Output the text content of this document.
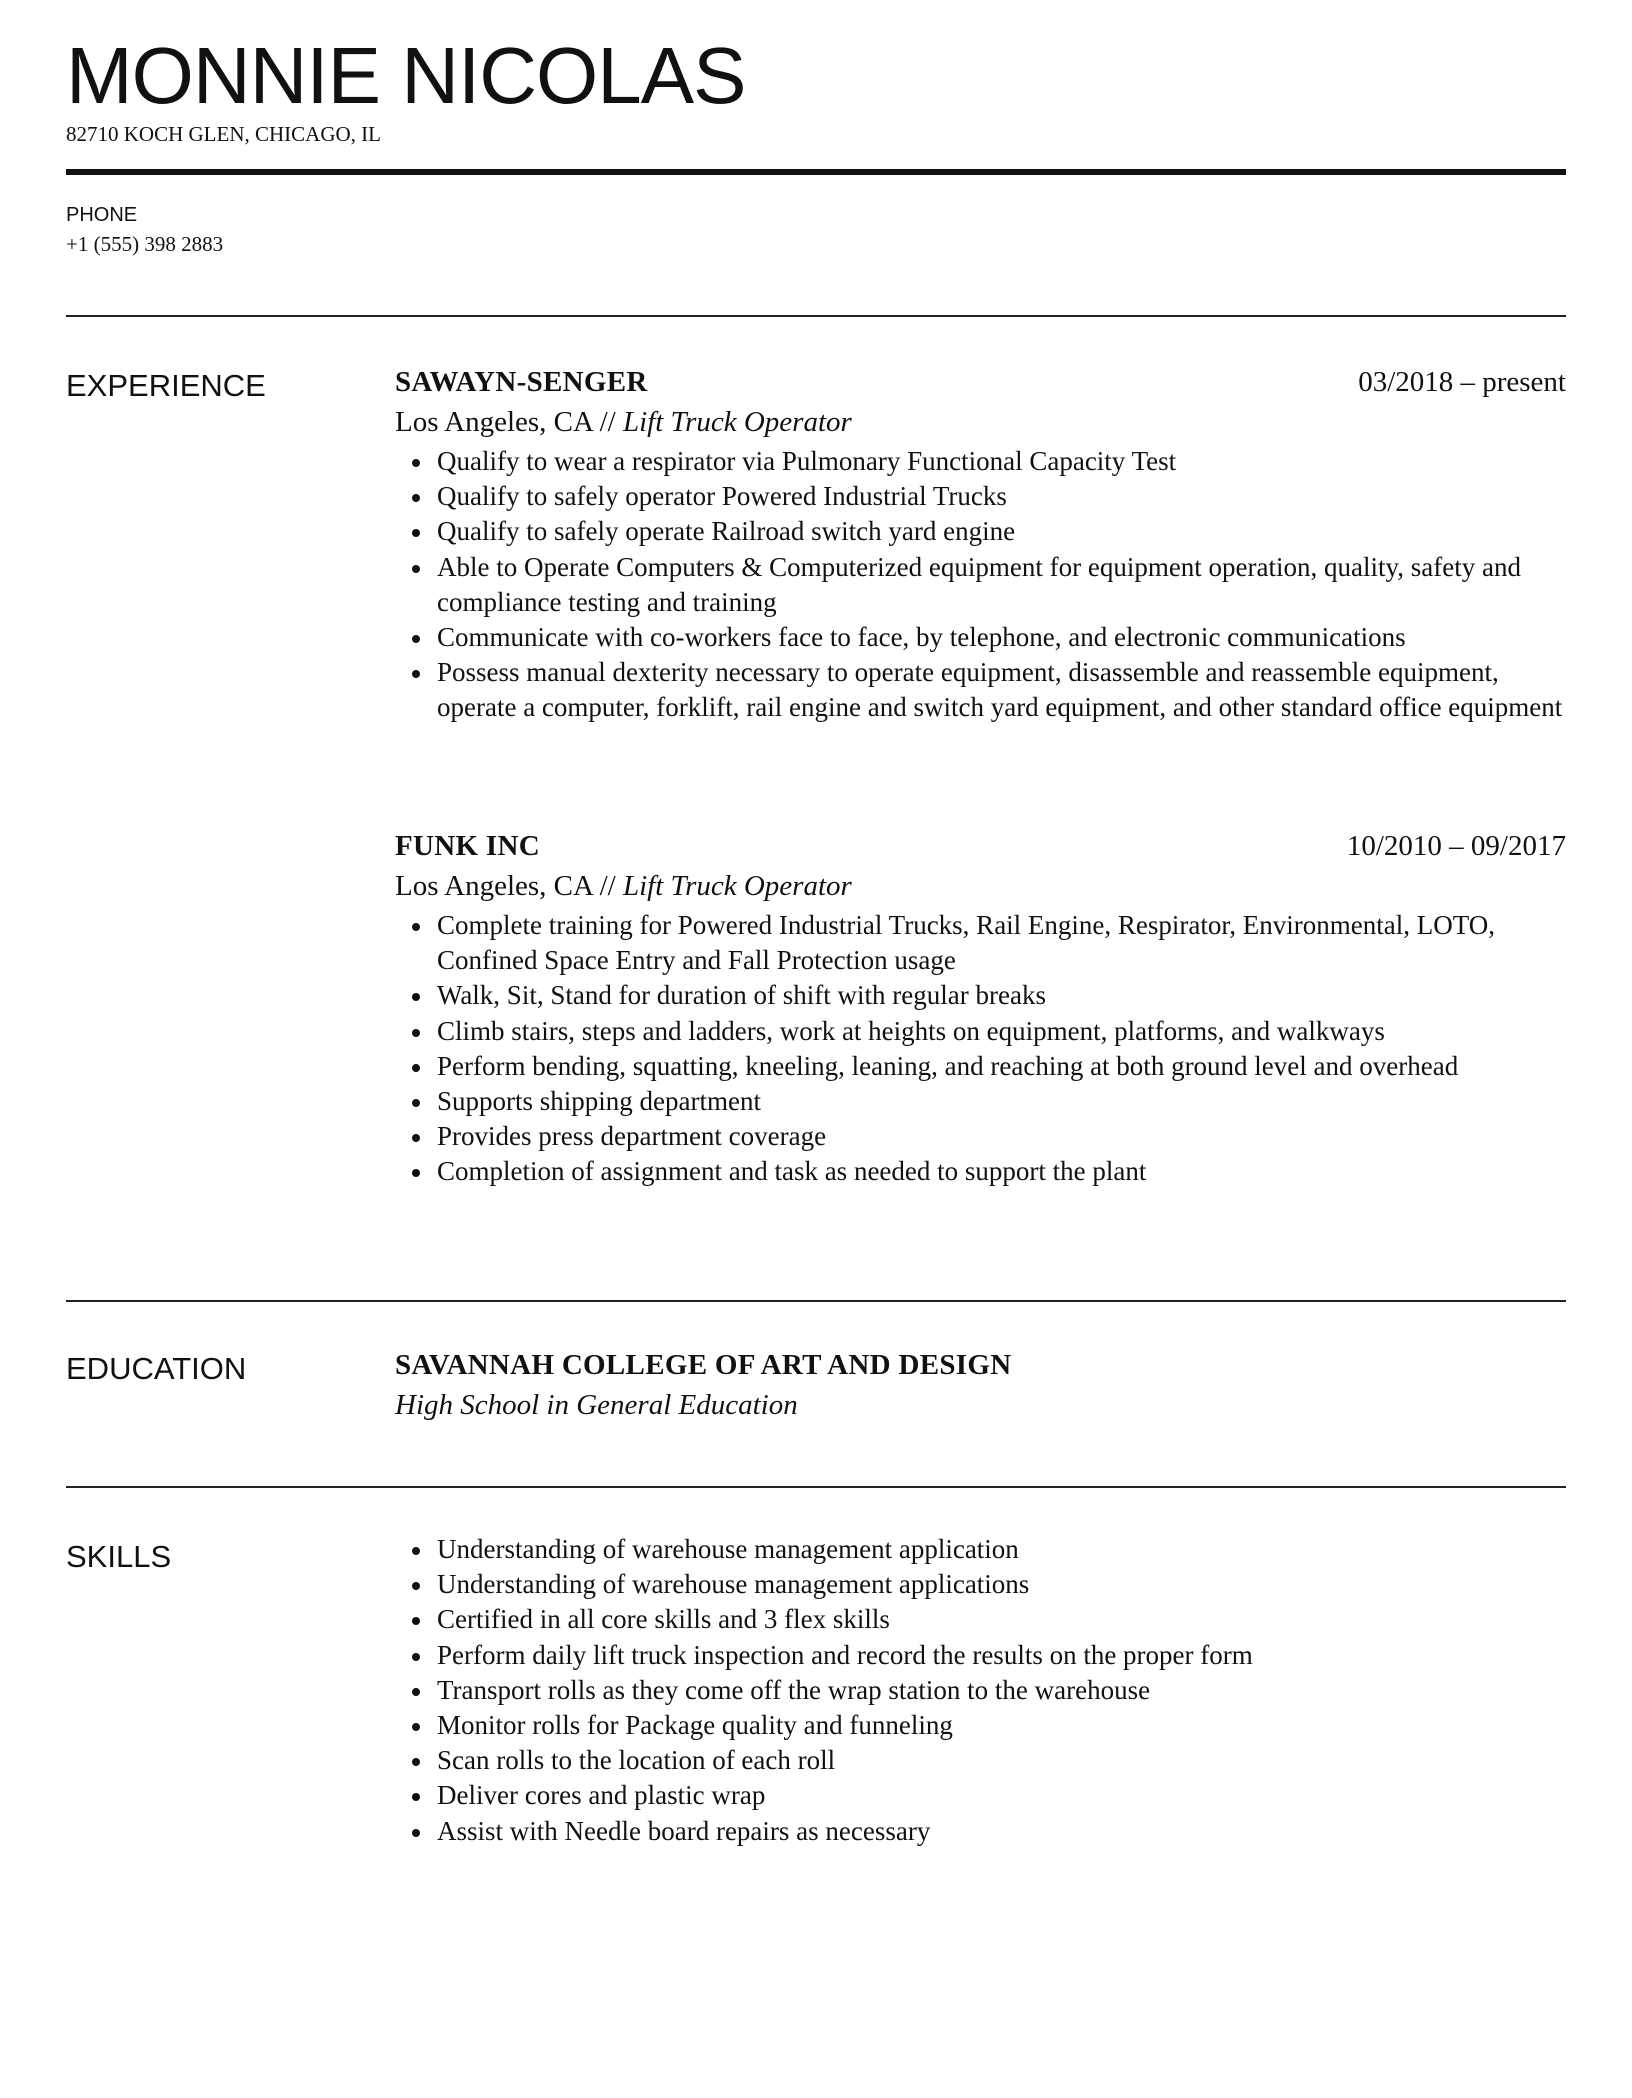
MONNIE NICOLAS
82710 KOCH GLEN, CHICAGO, IL
PHONE
+1 (555) 398 2883
EXPERIENCE	SAWAYN-SENGER	03/2018 – present
Los Angeles, CA // Lift Truck Operator
Qualify to wear a respirator via Pulmonary Functional Capacity Test
Qualify to safely operator Powered Industrial Trucks
Qualify to safely operate Railroad switch yard engine
Able to Operate Computers & Computerized equipment for equipment operation, quality, safety and compliance testing and training
Communicate with co-workers face to face, by telephone, and electronic communications
Possess manual dexterity necessary to operate equipment, disassemble and reassemble equipment, operate a computer, forklift, rail engine and switch yard equipment, and other standard office equipment
FUNK INC	10/2010 – 09/2017
Los Angeles, CA // Lift Truck Operator
Complete training for Powered Industrial Trucks, Rail Engine, Respirator, Environmental, LOTO, Confined Space Entry and Fall Protection usage
Walk, Sit, Stand for duration of shift with regular breaks
Climb stairs, steps and ladders, work at heights on equipment, platforms, and walkways
Perform bending, squatting, kneeling, leaning, and reaching at both ground level and overhead
Supports shipping department
Provides press department coverage
Completion of assignment and task as needed to support the plant
EDUCATION	SAVANNAH COLLEGE OF ART AND DESIGN
High School in General Education
SKILLS	Understanding of warehouse management application
Understanding of warehouse management applications
Certified in all core skills and 3 flex skills
Perform daily lift truck inspection and record the results on the proper form
Transport rolls as they come off the wrap station to the warehouse
Monitor rolls for Package quality and funneling
Scan rolls to the location of each roll
Deliver cores and plastic wrap
Assist with Needle board repairs as necessary
